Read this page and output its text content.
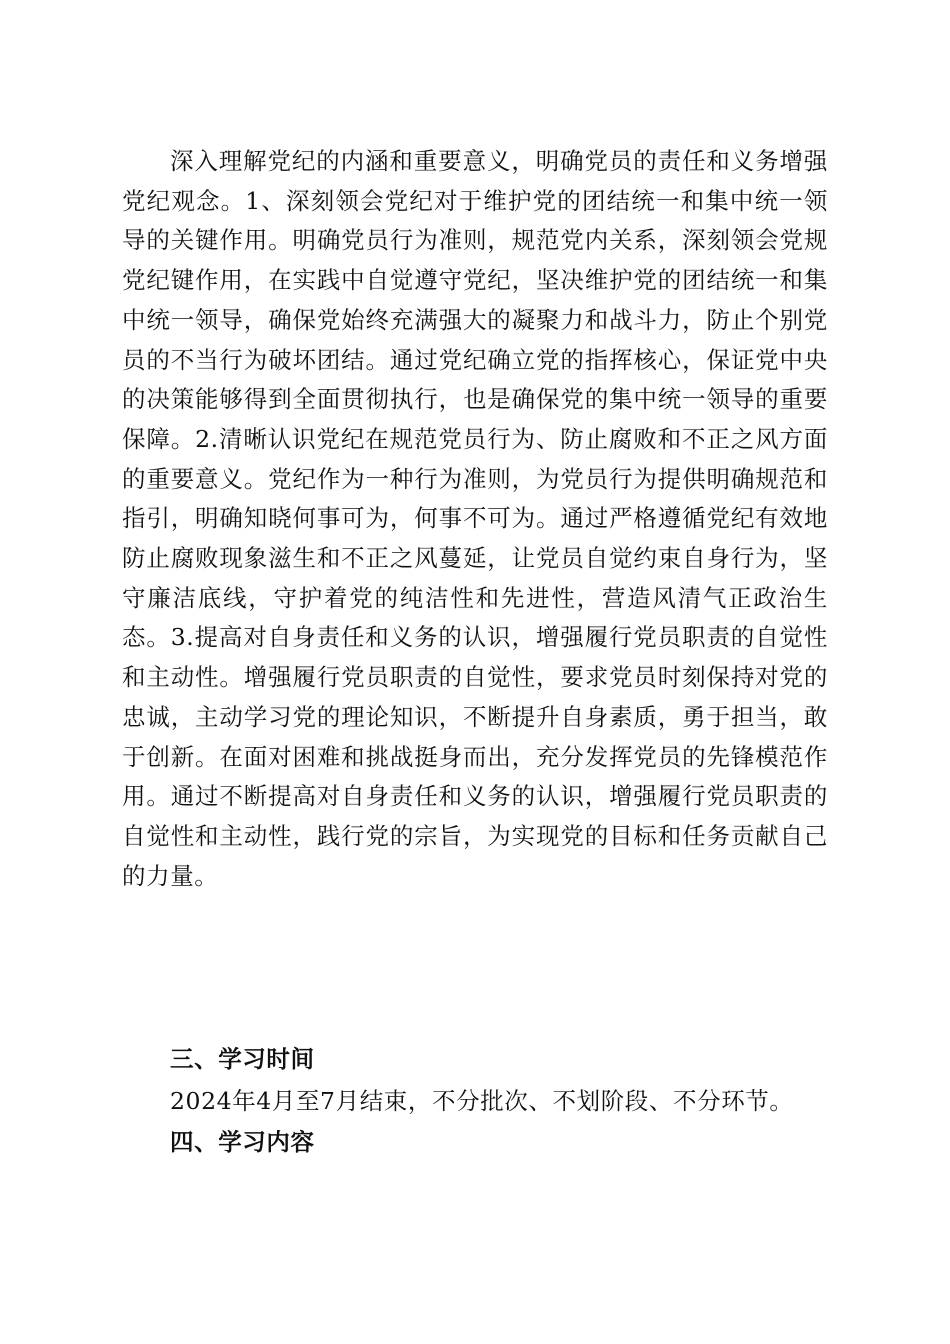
深入理解党纪的内涵和重要意义，明确党员的责任和义务增强党纪观念。1、深刻领会党纪对于维护党的团结统一和集中统一领导的关键作用。明确党员行为准则，规范党内关系，深刻领会党规党纪键作用，在实践中自觉遵守党纪，坚决维护党的团结统一和集中统一领导，确保党始终充满强大的凝聚力和战斗力，防止个别党员的不当行为破坏团结。通过党纪确立党的指挥核心，保证党中央的决策能够得到全面贯彻执行，也是确保党的集中统一领导的重要保障。2.清晰认识党纪在规范党员行为、防止腐败和不正之风方面的重要意义。党纪作为一种行为准则，为党员行为提供明确规范和指引，明确知晓何事可为，何事不可为。通过严格遵循党纪有效地防止腐败现象滋生和不正之风蔓延，让党员自觉约束自身行为，坚守廉洁底线，守护着党的纯洁性和先进性，营造风清气正政治生态。3.提高对自身责任和义务的认识，增强履行党员职责的自觉性和主动性。增强履行党员职责的自觉性，要求党员时刻保持对党的忠诚，主动学习党的理论知识，不断提升自身素质，勇于担当，敢于创新。在面对困难和挑战挺身而出，充分发挥党员的先锋模范作用。通过不断提高对自身责任和义务的认识，增强履行党员职责的自觉性和主动性，践行党的宗旨，为实现党的目标和任务贡献自己的力量。

三、学习时间

2024年4月至7月结束，不分批次、不划阶段、不分环节。

四、学习内容
